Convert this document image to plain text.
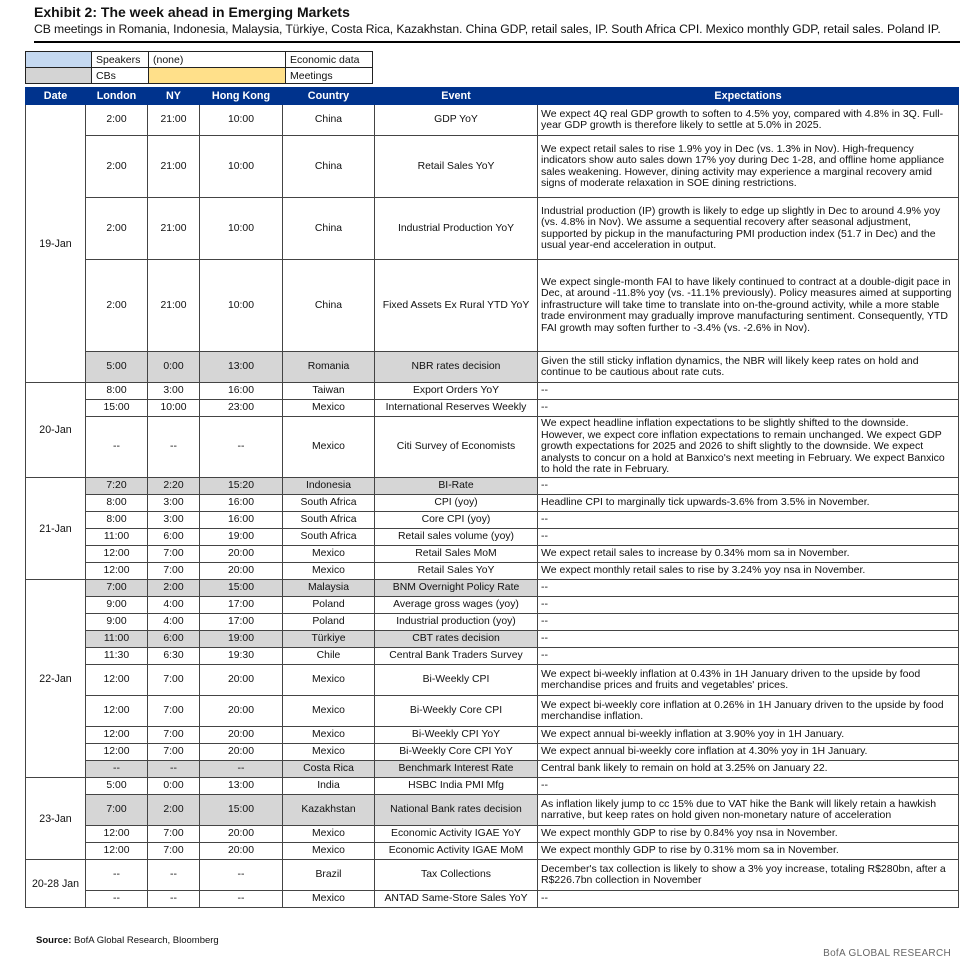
Exhibit 2: The week ahead in Emerging Markets
CB meetings in Romania, Indonesia, Malaysia, Türkiye, Costa Rica, Kazakhstan. China GDP, retail sales, IP. South Africa CPI. Mexico monthly GDP, retail sales. Poland IP.
	Speakers	(none)	Economic data
	CBs		Meetings
Date	London	NY	Hong Kong	Country	Event	Expectations
19-Jan	2:00	21:00	10:00	China	GDP YoY	We expect 4Q real GDP growth to soften to 4.5% yoy, compared with 4.8% in 3Q. Full-year GDP growth is therefore likely to settle at 5.0% in 2025.
	2:00	21:00	10:00	China	Retail Sales YoY	We expect retail sales to rise 1.9% yoy in Dec (vs. 1.3% in Nov). High-frequency indicators show auto sales down 17% yoy during Dec 1-28, and offline home appliance sales weakening. However, dining activity may experience a marginal recovery amid signs of moderate relaxation in SOE dining restrictions.
	2:00	21:00	10:00	China	Industrial Production YoY	Industrial production (IP) growth is likely to edge up slightly in Dec to around 4.9% yoy (vs. 4.8% in Nov). We assume a sequential recovery after seasonal adjustment, supported by pickup in the manufacturing PMI production index (51.7 in Dec) and the usual year-end acceleration in output.
	2:00	21:00	10:00	China	Fixed Assets Ex Rural YTD YoY	We expect single-month FAI to have likely continued to contract at a double-digit pace in Dec, at around -11.8% yoy (vs. -11.1% previously). Policy measures aimed at supporting infrastructure will take time to translate into on-the-ground activity, while a more stable trade environment may gradually improve manufacturing sentiment. Consequently, YTD FAI growth may soften further to -3.4% (vs. -2.6% in Nov).
	5:00	0:00	13:00	Romania	NBR rates decision	Given the still sticky inflation dynamics, the NBR will likely keep rates on hold and continue to be cautious about rate cuts.
20-Jan	8:00	3:00	16:00	Taiwan	Export Orders YoY	--
	15:00	10:00	23:00	Mexico	International Reserves Weekly	--
	--	--	--	Mexico	Citi Survey of Economists	We expect headline inflation expectations to be slightly shifted to the downside. However, we expect core inflation expectations to remain unchanged. We expect GDP growth expectations for 2025 and 2026 to shift slightly to the downside. We expect analysts to concur on a hold at Banxico's next meeting in February. We expect Banxico to hold the rate in February.
21-Jan	7:20	2:20	15:20	Indonesia	BI-Rate	--
	8:00	3:00	16:00	South Africa	CPI (yoy)	Headline CPI to marginally tick upwards-3.6% from 3.5% in November.
	8:00	3:00	16:00	South Africa	Core CPI (yoy)	--
	11:00	6:00	19:00	South Africa	Retail sales volume (yoy)	--
	12:00	7:00	20:00	Mexico	Retail Sales MoM	We expect retail sales to increase by 0.34% mom sa in November.
	12:00	7:00	20:00	Mexico	Retail Sales YoY	We expect monthly retail sales to rise by 3.24% yoy nsa in November.
22-Jan	7:00	2:00	15:00	Malaysia	BNM Overnight Policy Rate	--
	9:00	4:00	17:00	Poland	Average gross wages (yoy)	--
	9:00	4:00	17:00	Poland	Industrial production (yoy)	--
	11:00	6:00	19:00	Türkiye	CBT rates decision	--
	11:30	6:30	19:30	Chile	Central Bank Traders Survey	--
	12:00	7:00	20:00	Mexico	Bi-Weekly CPI	We expect bi-weekly inflation at 0.43% in 1H January driven to the upside by food merchandise prices and fruits and vegetables' prices.
	12:00	7:00	20:00	Mexico	Bi-Weekly Core CPI	We expect bi-weekly core inflation at 0.26% in 1H January driven to the upside by food merchandise inflation.
	12:00	7:00	20:00	Mexico	Bi-Weekly CPI YoY	We expect annual bi-weekly inflation at 3.90% yoy in 1H January.
	12:00	7:00	20:00	Mexico	Bi-Weekly Core CPI YoY	We expect annual bi-weekly core inflation at 4.30% yoy in 1H January.
	--	--	--	Costa Rica	Benchmark Interest Rate	Central bank likely to remain on hold at 3.25% on January 22.
23-Jan	5:00	0:00	13:00	India	HSBC India PMI Mfg	--
	7:00	2:00	15:00	Kazakhstan	National Bank rates decision	As inflation likely jump to cc 15% due to VAT hike the Bank will likely retain a hawkish narrative, but keep rates on hold given non-monetary nature of acceleration
	12:00	7:00	20:00	Mexico	Economic Activity IGAE YoY	We expect monthly GDP to rise by 0.84% yoy nsa in November.
	12:00	7:00	20:00	Mexico	Economic Activity IGAE MoM	We expect monthly GDP to rise by 0.31% mom sa in November.
20-28 Jan	--	--	--	Brazil	Tax Collections	December's tax collection is likely to show a 3% yoy increase, totaling R$280bn, after a R$226.7bn collection in November
	--	--	--	Mexico	ANTAD Same-Store Sales YoY	--
Source: BofA Global Research, Bloomberg
BofA GLOBAL RESEARCH
